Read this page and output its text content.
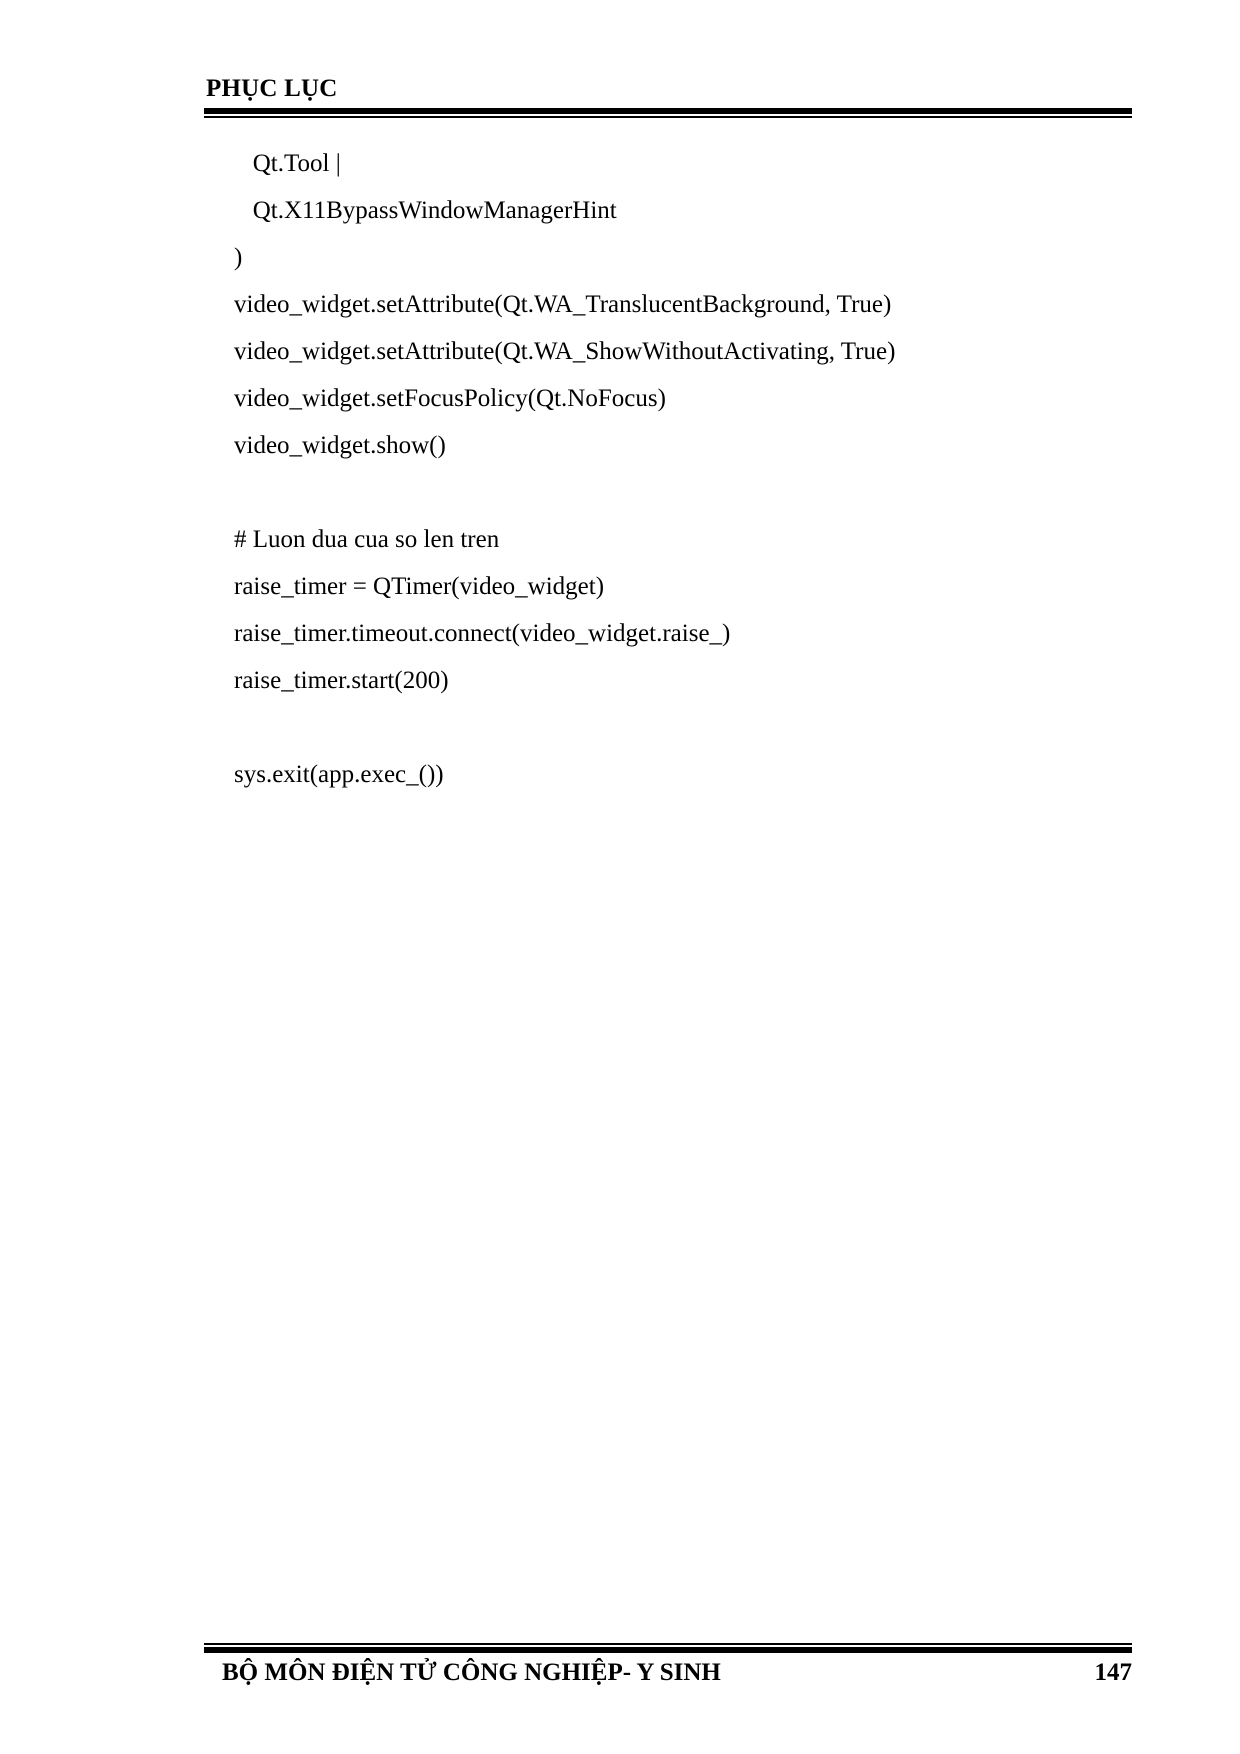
PHỤC LỤC
Qt.Tool |
Qt.X11BypassWindowManagerHint
)
video_widget.setAttribute(Qt.WA_TranslucentBackground, True)
video_widget.setAttribute(Qt.WA_ShowWithoutActivating, True)
video_widget.setFocusPolicy(Qt.NoFocus)
video_widget.show()
# Luon dua cua so len tren
raise_timer = QTimer(video_widget)
raise_timer.timeout.connect(video_widget.raise_)
raise_timer.start(200)
sys.exit(app.exec_())
BỘ MÔN ĐIỆN TỬ CÔNG NGHIỆP- Y SINH	147
